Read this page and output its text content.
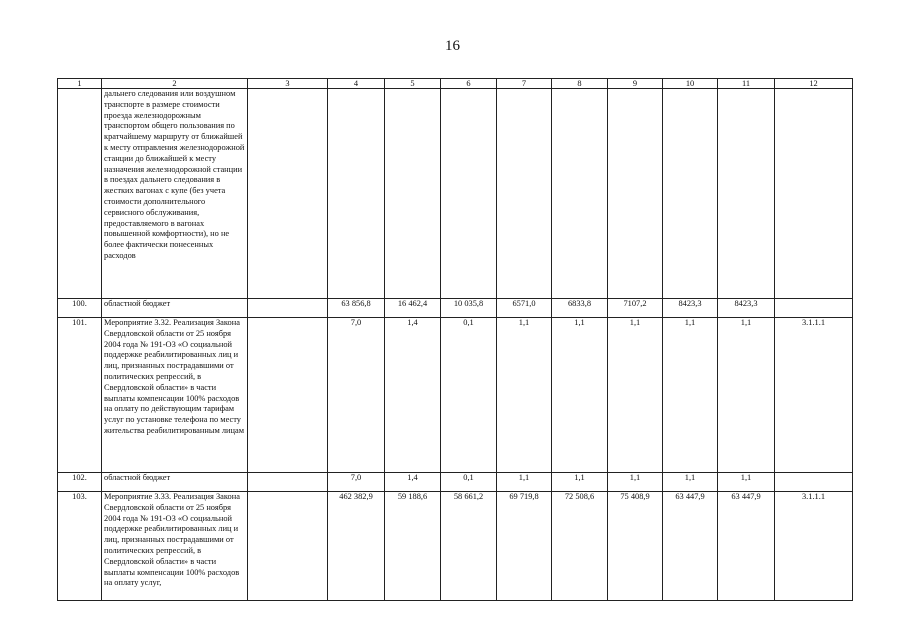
16
1	2	3	4	5	6	7	8	9	10	11	12
	дальнего следования или воздушном транспорте в размере стоимости проезда железнодорожным транспортом общего пользования по кратчайшему маршруту от ближайшей к месту отправления железнодорожной станции до ближайшей к месту назначения железнодорожной станции в поездах дальнего следования в жестких вагонах с купе (без учета стоимости дополнительного сервисного обслуживания, предоставляемого в вагонах повышенной комфортности), но не более фактически понесенных расходов										
100.	областной бюджет		63 856,8	16 462,4	10 035,8	6571,0	6833,8	7107,2	8423,3	8423,3	
101.	Мероприятие 3.32. Реализация Закона Свердловской области от 25 ноября 2004 года № 191-ОЗ «О социальной поддержке реабилитированных лиц и лиц, признанных пострадавшими от политических репрессий, в Свердловской области» в части выплаты компенсации 100% расходов на оплату по действующим тарифам услуг по установке телефона по месту жительства реабилитированным лицам		7,0	1,4	0,1	1,1	1,1	1,1	1,1	1,1	3.1.1.1
102.	областной бюджет		7,0	1,4	0,1	1,1	1,1	1,1	1,1	1,1	
103.	Мероприятие 3.33. Реализация Закона Свердловской области от 25 ноября 2004 года № 191-ОЗ «О социальной поддержке реабилитированных лиц и лиц, признанных пострадавшими от политических репрессий, в Свердловской области» в части выплаты компенсации 100% расходов на оплату услуг,		462 382,9	59 188,6	58 661,2	69 719,8	72 508,6	75 408,9	63 447,9	63 447,9	3.1.1.1
